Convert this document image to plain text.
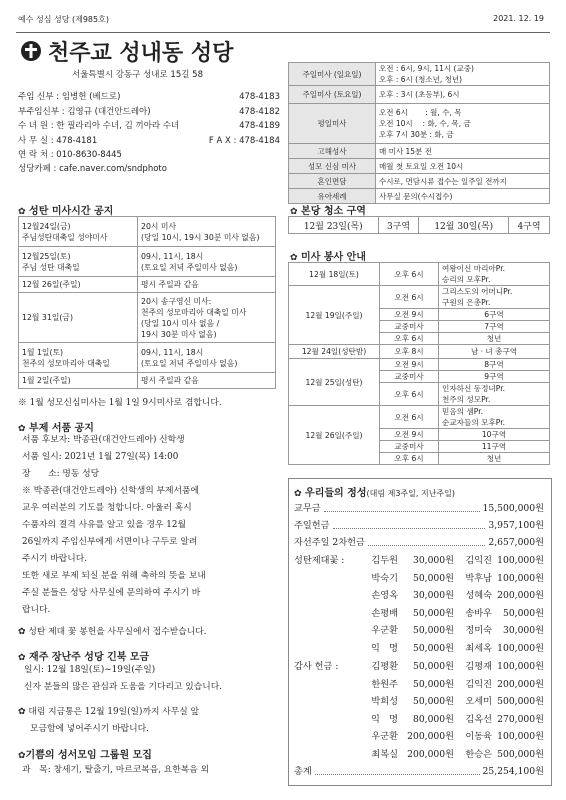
예수 성심 성당 (제985호)	2021. 12. 19
천주교 성내동 성당
서울특별시 강동구 성내로 15길 58
주임 신부 : 임병헌 (베드로)	478-4183
부주임신부 : 김영규 (대건안드레아)	478-4182
수 녀 원 : 한 필라리아 수녀, 김 끼아라 수녀	478-4189
사 무 실 : 478-4181	F A X : 478-4184
연 락 처 : 010-8630-8445
성당카페 : cafe.naver.com/sndphoto
주일미사 (일요일)	오전 : 6시, 9시, 11시 (교중)
오후 : 6시 (청소년, 청년)
주일미사 (토요일)	오후 : 3시 (초등부), 6시
평일미사	오전 6시 　　: 월, 수, 목
오전 10시 　: 화, 수, 목, 금
오후 7시 30분 : 화, 금
고해성사	매 미사 15분 전
성모 신심 미사	매월 첫 토요일 오전 10시
혼인면담	수시로, 면담시류 접수는 일주일 전까지
유아세례	사무실 문의(수시접수)
✿ 성탄 미사시간 공지
12월24일(금)
주님성탄대축일 성야미사	20시 미사
(당일 10시, 19시 30분 미사 없음)
12월25일(토)
주님 성탄 대축일	09시, 11시, 18시
(토요일 저녁 주일미사 없음)
12월 26일(주일)	평시 주일과 같음
12월 31일(금)	20시 송구영신 미사:
천주의 성모마리아 대축일 미사
(당일 10시 미사 없음 /
19시 30분 미사 없음)
1월 1일(토)
천주의 성모마리아 대축일	09시, 11시, 18시
(토요일 저녁 주일미사 없음)
1월 2일(주일)	평시 주일과 같음
※ 1월 성모신심미사는 1월 1일 9시미사로 겸합니다.
✿ 부제 서품 공지
서품 후보자: 박종관(대건안드레아) 신학생
서품 일시: 2021년 1월 27일(목) 14:00
장　　소: 명동 성당
※ 박종관(대건안드레아) 신학생의 부제서품에
교우 여러분의 기도를 청합니다. 아울러 혹시
수품자의 결격 사유를 알고 있을 경우 12월
26일까지 주임신부에게 서면이나 구두로 알려
주시기 바랍니다.
또한 새로 부제 되실 분을 위해 축하의 뜻을 보내
주실 분들은 성당 사무실에 문의하여 주시기 바
랍니다.
✿ 성탄 제대 꽃 봉헌을 사무실에서 접수받습니다.
✿ 재주 장난주 성당 긴북 모금
일시: 12월 18일(토)~19일(주일)
신자 분들의 많은 관심과 도움을 기다리고 있습니다.
✿ 대림 지금통은 12월 19일(일)까지 사무실 앞
모금함에 넣어주시기 바랍니다.
✿기쁨의 성서모임 그룹원 모집
과　목: 창세기, 탈출기, 마르코복음, 요한복음 외
✿ 본당 청소 구역
12월 23일(목)	3구역	12월 30일(목)	4구역
✿ 미사 봉사 안내
12월 18일(토)	오후 6시	여왕이신 마리아Pr.
승리의 모후Pr.
12월 19일(주일)	오전 6시	그리스도의 어머니Pr.
구원의 은총Pr.
	오전 9시	6구역
	교중미사	7구역
	오후 6시	청년
12월 24일(성탄밤)	오후 8시	남 · 녀 총구역
12월 25일(성탄)	오전 9시	8구역
	교중미사	9구역
	오후 6시	인자하신 동정녀Pr.
천주의 성모Pr.
12월 26일(주일)	오전 6시	믿음의 샘Pr.
순교자들의 모후Pr.
	오전 9시	10구역
	교중미사	11구역
	오후 6시	청년
✿ 우리들의 정성(대림 제3주일, 지난주일)
교무금	15,500,000원
주일헌금	3,957,100원
자선주일 2차헌금	2,657,000원
성탄제대꽃 :	김두원	30,000원	김익진 100,000원
박숙기	50,000원	박후남 100,000원
손영옥	30,000원	성혜숙 200,000원
손평배	50,000원	송바우	50,000원
우군환	50,000원	정미숙	30,000원
익　명	50,000원	최세옥 100,000원
감사 헌금 :	김평환	50,000원	김평재 100,000원
한원주	50,000원	김익진 200,000원
박희성	50,000원	오세미 500,000원
익　명	80,000원	김옥선 270,000원
우군환 200,000원	이동육 100,000원
최복실 200,000원	한승은 500,000원
총계	25,254,100원
